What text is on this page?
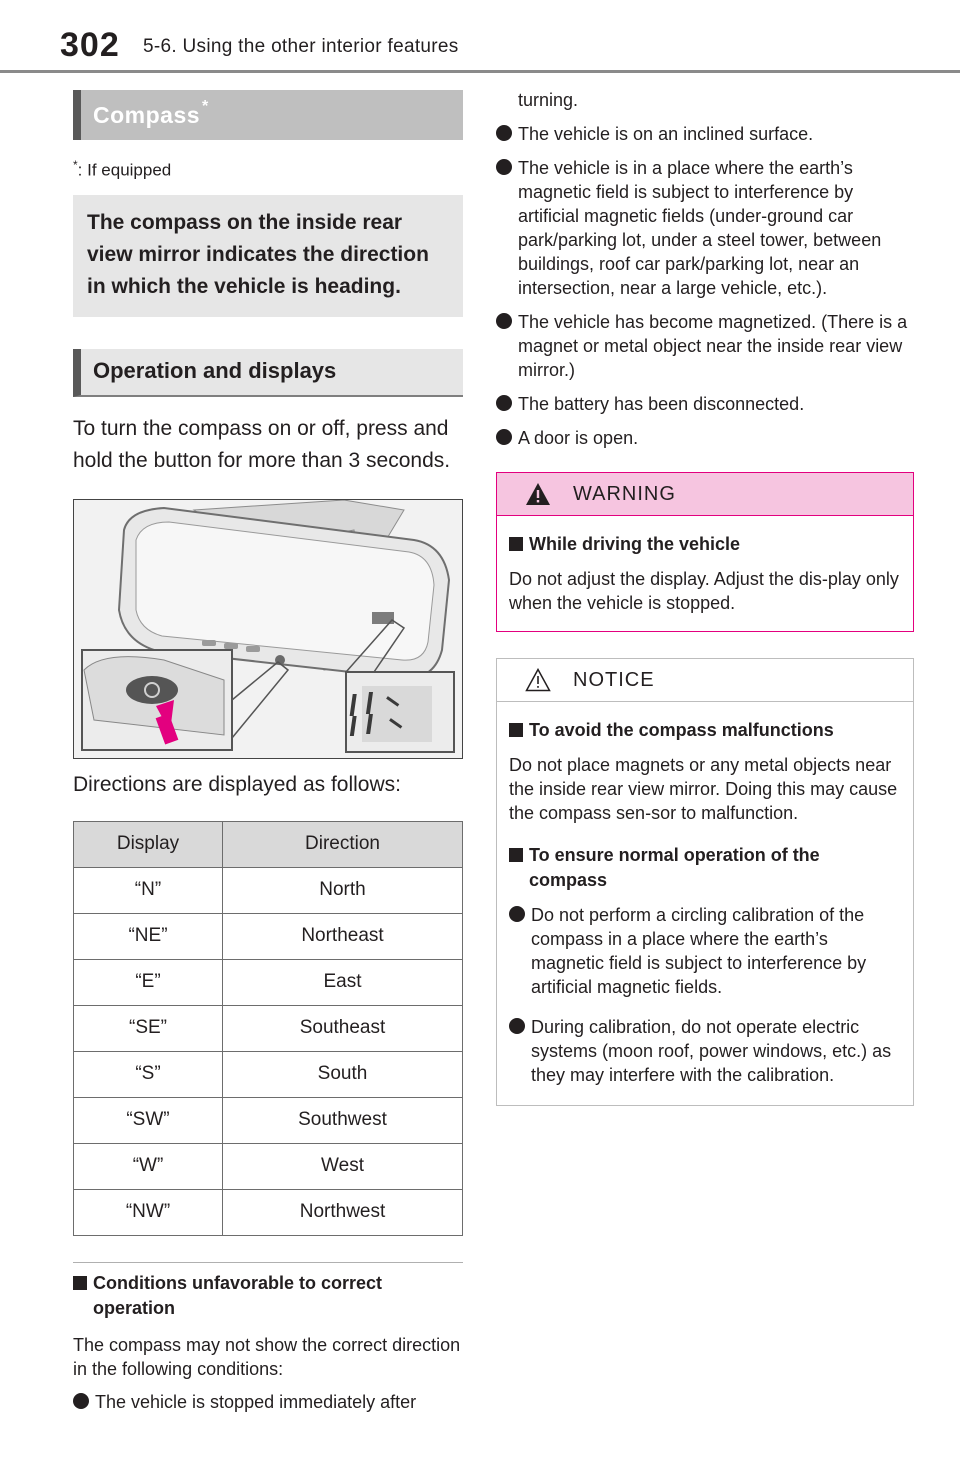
302 5-6. Using the other interior features
Compass *
*: If equipped
The compass on the inside rear view mirror indicates the direction in which the vehicle is heading.
Operation and displays
To turn the compass on or off, press and hold the button for more than 3 seconds.
Directions are displayed as follows:
Display	Direction
“N”	North
“NE”	Northeast
“E”	East
“SE”	Southeast
“S”	South
“SW”	Southwest
“W”	West
“NW”	Northwest
Conditions unfavorable to correct operation
The compass may not show the correct direction in the following conditions:
The vehicle is stopped immediately after
turning.
The vehicle is on an inclined surface.
The vehicle is in a place where the earth’s magnetic field is subject to interference by artificial magnetic fields (under-ground car park/parking lot, under a steel tower, between buildings, roof car park/parking lot, near an intersection, near a large vehicle, etc.).
The vehicle has become magnetized. (There is a magnet or metal object near the inside rear view mirror.)
The battery has been disconnected.
A door is open.
WARNING
While driving the vehicle
Do not adjust the display. Adjust the dis-play only when the vehicle is stopped.
NOTICE
To avoid the compass malfunctions
Do not place magnets or any metal objects near the inside rear view mirror. Doing this may cause the compass sen-sor to malfunction.
To ensure normal operation of the compass
Do not perform a circling calibration of the compass in a place where the earth’s magnetic field is subject to interference by artificial magnetic fields.
During calibration, do not operate electric systems (moon roof, power windows, etc.) as they may interfere with the calibration.
